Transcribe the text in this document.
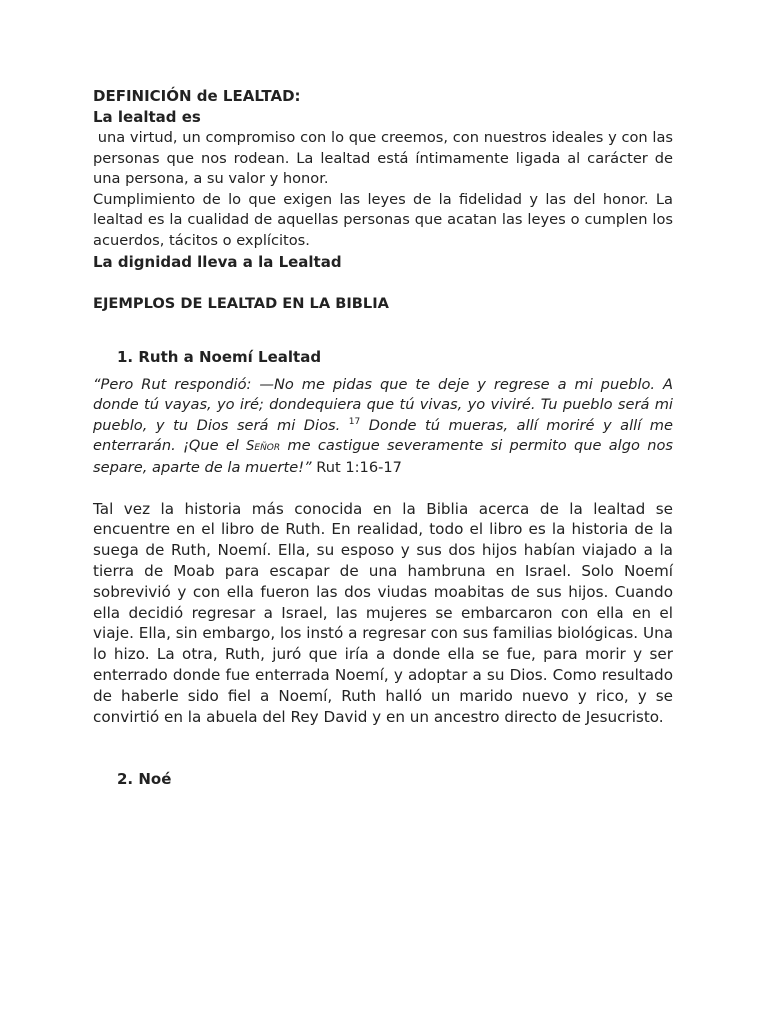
DEFINICIÓN de LEALTAD:

La lealtad es

una virtud, un compromiso con lo que creemos, con nuestros ideales y con las personas que nos rodean. La lealtad está íntimamente ligada al carácter de una persona, a su valor y honor.

Cumplimiento de lo que exigen las leyes de la fidelidad y las del honor. La lealtad es la cualidad de aquellas personas que acatan las leyes o cumplen los acuerdos, tácitos o explícitos.

La dignidad lleva a la Lealtad

EJEMPLOS DE LEALTAD EN LA BIBLIA

1. Ruth a Noemí Lealtad

“Pero Rut respondió: —No me pidas que te deje y regrese a mi pueblo. A donde tú vayas, yo iré; dondequiera que tú vivas, yo viviré. Tu pueblo será mi pueblo, y tu Dios será mi Dios. $^{17}$ Donde tú mueras, allí moriré y allí me enterrarán. ¡Que el Señor me castigue severamente si permito que algo nos separe, aparte de la muerte!” Rut 1:16-17

Tal vez la historia más conocida en la Biblia acerca de la lealtad se encuentre en el libro de Ruth. En realidad, todo el libro es la historia de la suega de Ruth, Noemí. Ella, su esposo y sus dos hijos habían viajado a la tierra de Moab para escapar de una hambruna en Israel. Solo Noemí sobrevivió y con ella fueron las dos viudas moabitas de sus hijos. Cuando ella decidió regresar a Israel, las mujeres se embarcaron con ella en el viaje. Ella, sin embargo, los instó a regresar con sus familias biológicas. Una lo hizo. La otra, Ruth, juró que iría a donde ella se fue, para morir y ser enterrado donde fue enterrada Noemí, y adoptar a su Dios. Como resultado de haberle sido fiel a Noemí, Ruth halló un marido nuevo y rico, y se convirtió en la abuela del Rey David y en un ancestro directo de Jesucristo.

2. Noé
